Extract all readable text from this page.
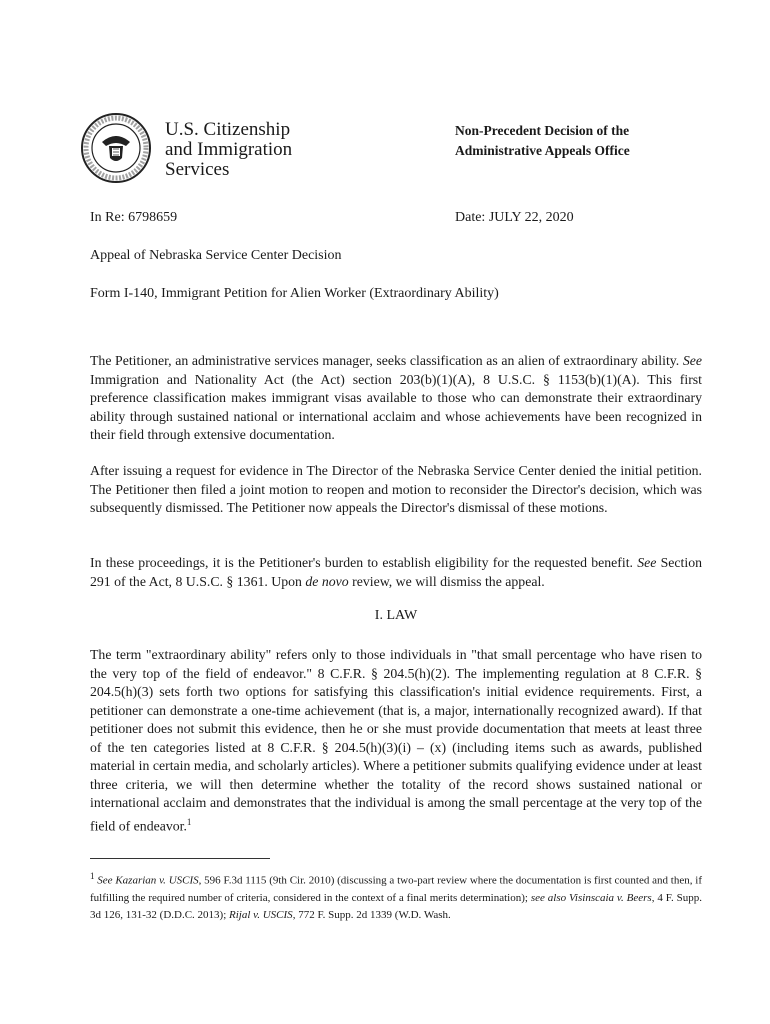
U.S. Citizenship
and Immigration
Services
Non-Precedent Decision of the
Administrative Appeals Office
In Re: 6798659	Date: JULY 22, 2020
Appeal of Nebraska Service Center Decision
Form I-140, Immigrant Petition for Alien Worker (Extraordinary Ability)

The Petitioner, an administrative services manager, seeks classification as an alien of extraordinary ability. See Immigration and Nationality Act (the Act) section 203(b)(1)(A), 8 U.S.C. § 1153(b)(1)(A). This first preference classification makes immigrant visas available to those who can demonstrate their extraordinary ability through sustained national or international acclaim and whose achievements have been recognized in their field through extensive documentation.

After issuing a request for evidence in The Director of the Nebraska Service Center denied the initial petition. The Petitioner then filed a joint motion to reopen and motion to reconsider the Director's decision, which was subsequently dismissed. The Petitioner now appeals the Director's dismissal of these motions.

In these proceedings, it is the Petitioner's burden to establish eligibility for the requested benefit. See Section 291 of the Act, 8 U.S.C. § 1361. Upon de novo review, we will dismiss the appeal.

I. LAW

The term "extraordinary ability" refers only to those individuals in "that small percentage who have risen to the very top of the field of endeavor." 8 C.F.R. § 204.5(h)(2). The implementing regulation at 8 C.F.R. § 204.5(h)(3) sets forth two options for satisfying this classification's initial evidence requirements. First, a petitioner can demonstrate a one-time achievement (that is, a major, internationally recognized award). If that petitioner does not submit this evidence, then he or she must provide documentation that meets at least three of the ten categories listed at 8 C.F.R. § 204.5(h)(3)(i) – (x) (including items such as awards, published material in certain media, and scholarly articles). Where a petitioner submits qualifying evidence under at least three criteria, we will then determine whether the totality of the record shows sustained national or international acclaim and demonstrates that the individual is among the small percentage at the very top of the field of endeavor.$^1$

$^1$ See Kazarian v. USCIS, 596 F.3d 1115 (9th Cir. 2010) (discussing a two-part review where the documentation is first counted and then, if fulfilling the required number of criteria, considered in the context of a final merits determination); see also Visinscaia v. Beers, 4 F. Supp. 3d 126, 131-32 (D.D.C. 2013); Rijal v. USCIS, 772 F. Supp. 2d 1339 (W.D. Wash.
